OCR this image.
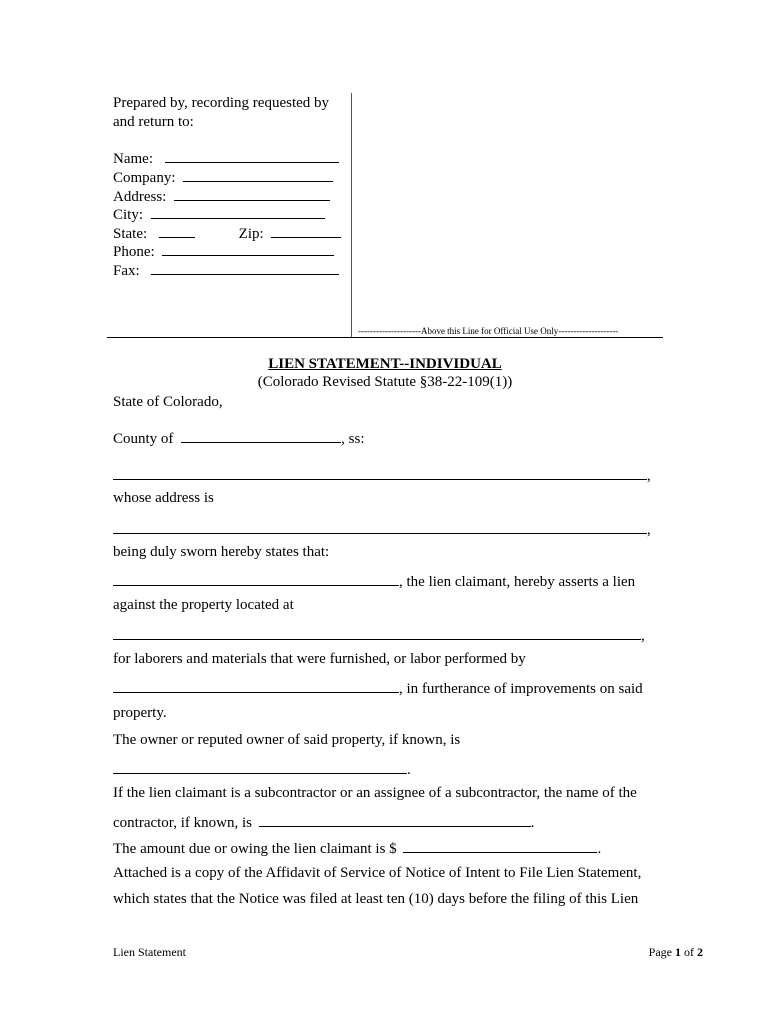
Prepared by, recording requested by and return to:
Name:
Company:
Address:
City:
State:	Zip:
Phone:
Fax:
---------------------Above this Line for Official Use Only--------------------
LIEN STATEMENT--INDIVIDUAL
(Colorado Revised Statute §38-22-109(1))
State of Colorado,
County of	, ss:
,
whose address is
,
being duly sworn hereby states that:
, the lien claimant, hereby asserts a lien
against the property located at
,
for laborers and materials that were furnished, or labor performed by
, in furtherance of improvements on said
property.
The owner or reputed owner of said property, if known, is
.
If the lien claimant is a subcontractor or an assignee of a subcontractor, the name of the
contractor, if known, is	.
The amount due or owing the lien claimant is $	.
Attached is a copy of the Affidavit of Service of Notice of Intent to File Lien Statement,
which states that the Notice was filed at least ten (10) days before the filing of this Lien
Lien Statement	Page 1 of 2
